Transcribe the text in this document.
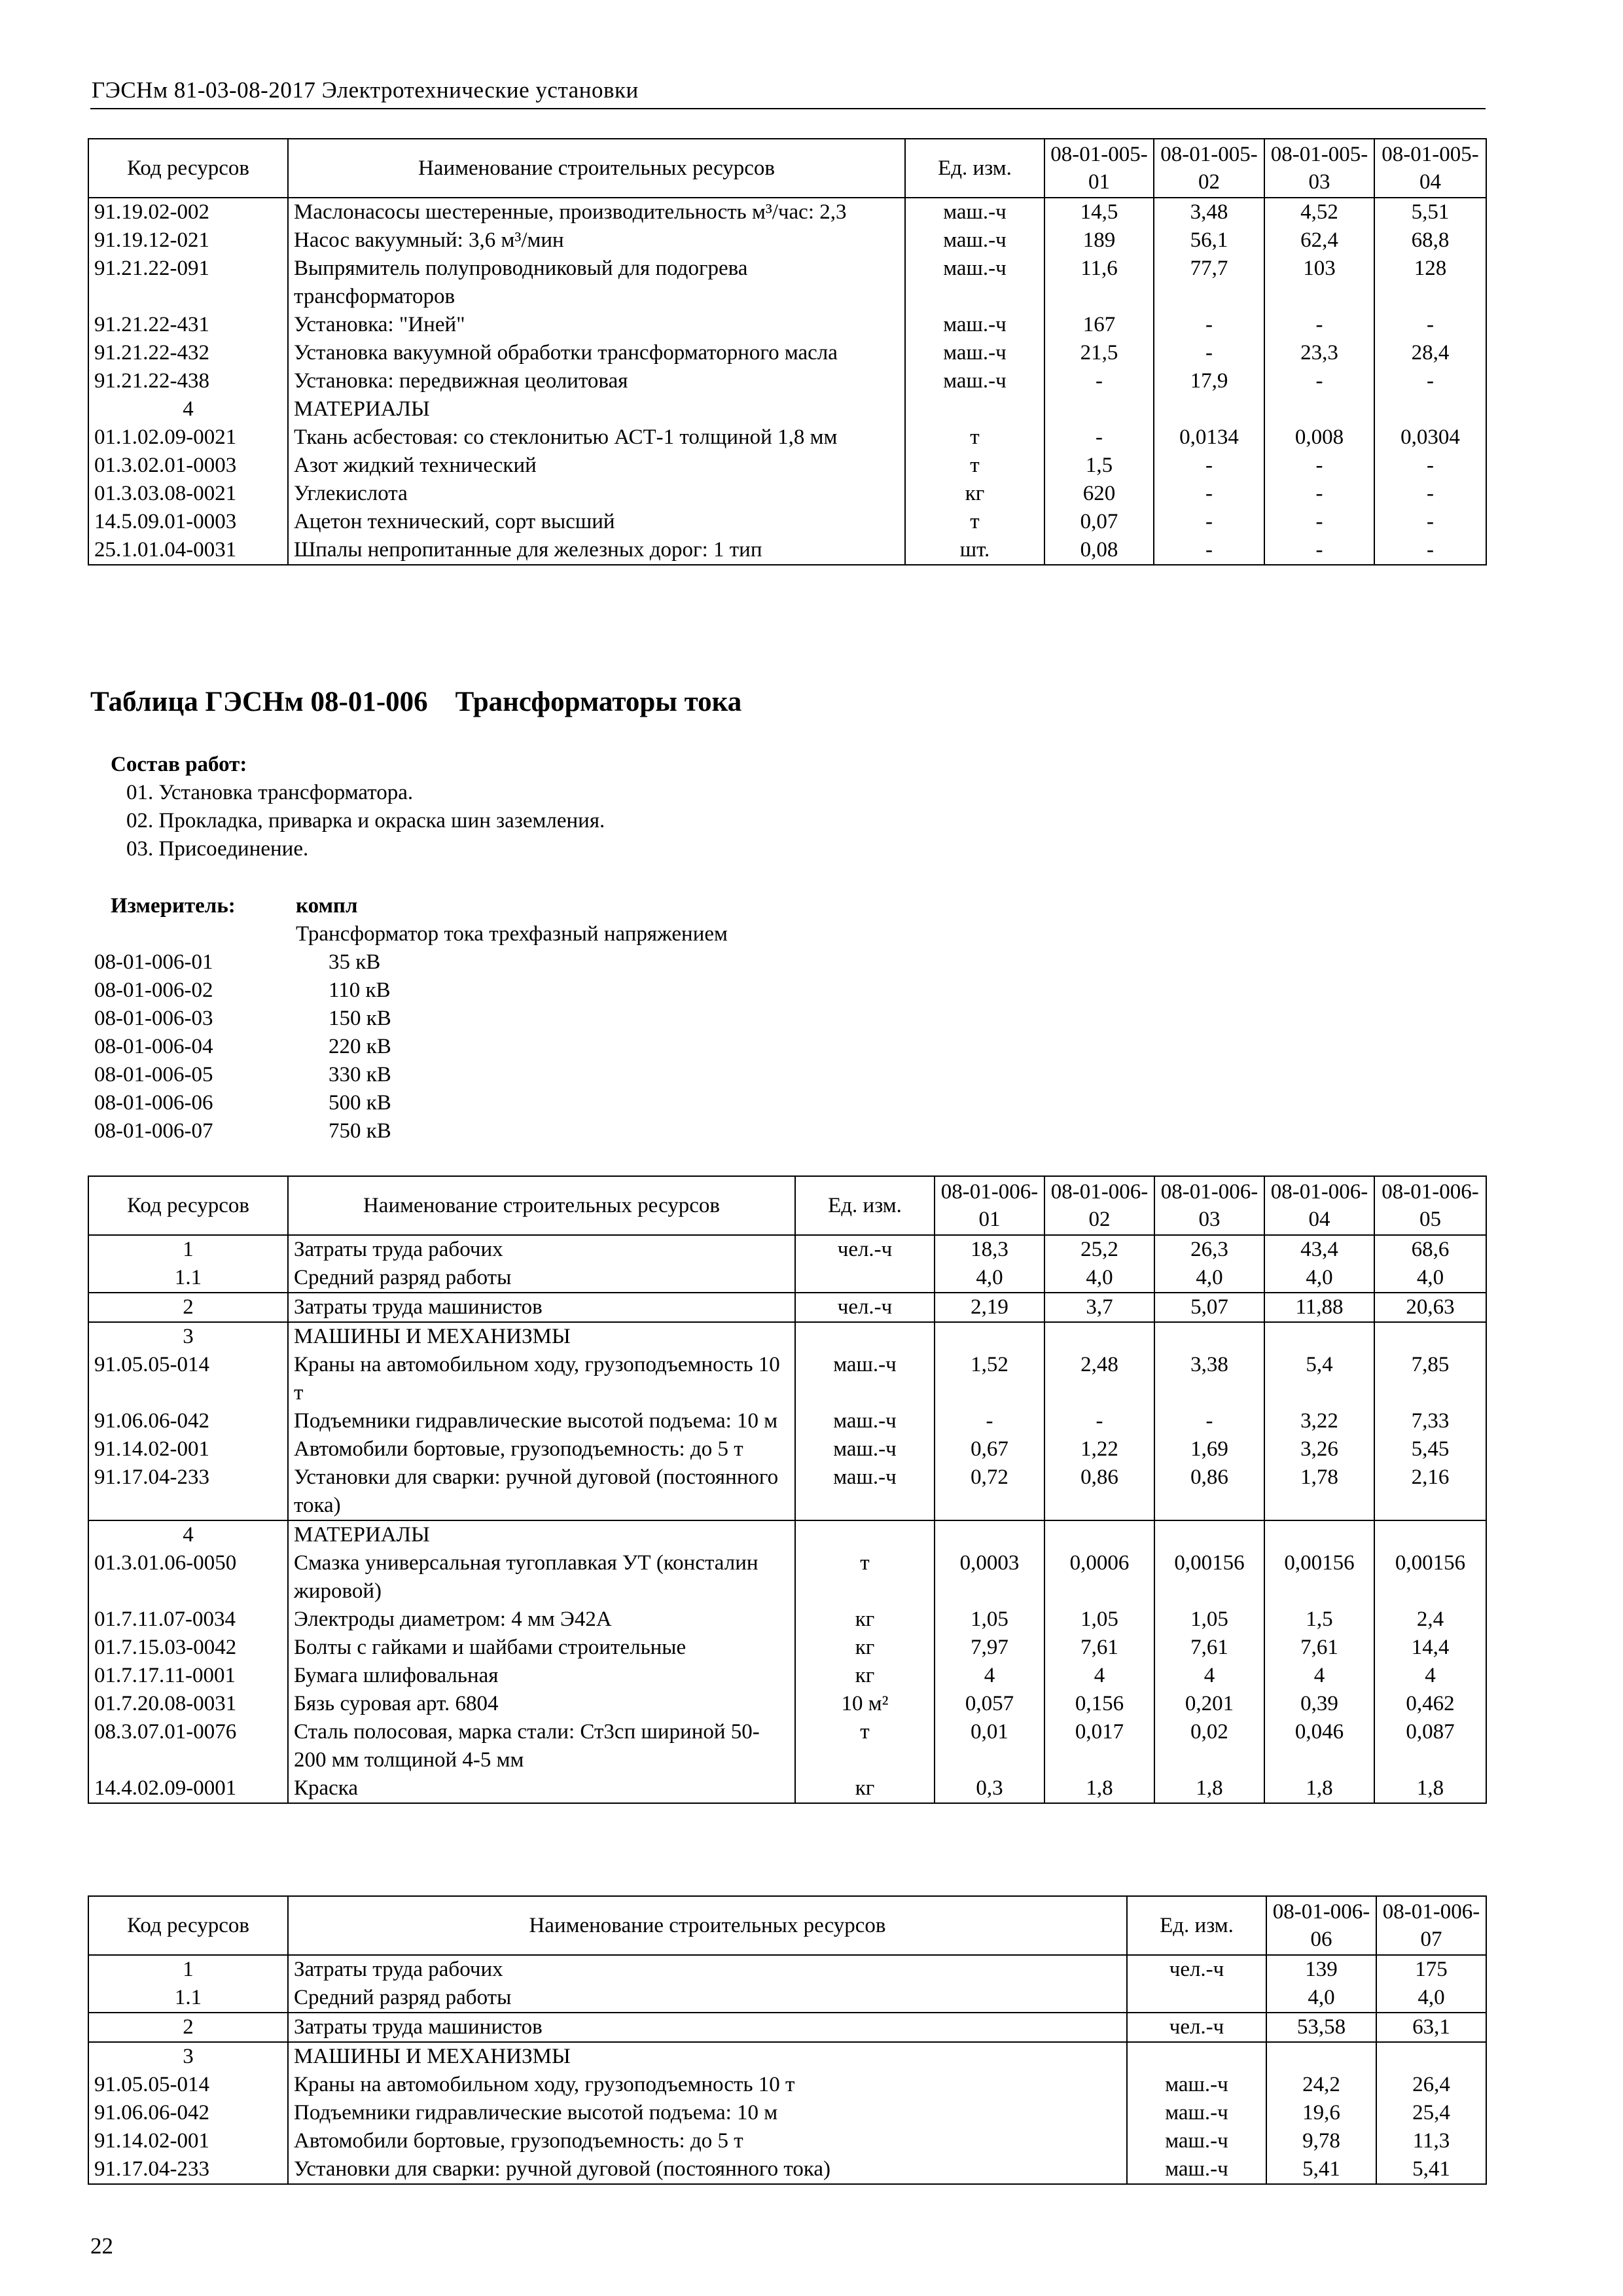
ГЭСНм 81-03-08-2017 Электротехнические установки
Код ресурсов	Наименование строительных ресурсов	Ед. изм.	08-01-005-01	08-01-005-02	08-01-005-03	08-01-005-04
91.19.02-002	Маслонасосы шестеренные, производительность м³/час: 2,3	маш.-ч	14,5	3,48	4,52	5,51
91.19.12-021	Насос вакуумный: 3,6 м³/мин	маш.-ч	189	56,1	62,4	68,8
91.21.22-091	Выпрямитель полупроводниковый для подогрева трансформаторов	маш.-ч	11,6	77,7	103	128
91.21.22-431	Установка: "Иней"	маш.-ч	167	-	-	-
91.21.22-432	Установка вакуумной обработки трансформаторного масла	маш.-ч	21,5	-	23,3	28,4
91.21.22-438	Установка: передвижная цеолитовая	маш.-ч	-	17,9	-	-
4	МАТЕРИАЛЫ					
01.1.02.09-0021	Ткань асбестовая: со стеклонитью АСТ-1 толщиной 1,8 мм	т	-	0,0134	0,008	0,0304
01.3.02.01-0003	Азот жидкий технический	т	1,5	-	-	-
01.3.03.08-0021	Углекислота	кг	620	-	-	-
14.5.09.01-0003	Ацетон технический, сорт высший	т	0,07	-	-	-
25.1.01.04-0031	Шпалы непропитанные для железных дорог: 1 тип	шт.	0,08	-	-	-
Таблица ГЭСНм 08-01-006 Трансформаторы тока
Состав работ:
01. Установка трансформатора.
02. Прокладка, приварка и окраска шин заземления.
03. Присоединение.
Измеритель:	компл
Трансформатор тока трехфазный напряжением
08-01-006-01	35 кВ
08-01-006-02	110 кВ
08-01-006-03	150 кВ
08-01-006-04	220 кВ
08-01-006-05	330 кВ
08-01-006-06	500 кВ
08-01-006-07	750 кВ
Код ресурсов	Наименование строительных ресурсов	Ед. изм.	08-01-006-01	08-01-006-02	08-01-006-03	08-01-006-04	08-01-006-05
1	Затраты труда рабочих	чел.-ч	18,3	25,2	26,3	43,4	68,6
1.1	Средний разряд работы		4,0	4,0	4,0	4,0	4,0
2	Затраты труда машинистов	чел.-ч	2,19	3,7	5,07	11,88	20,63
3	МАШИНЫ И МЕХАНИЗМЫ						
91.05.05-014	Краны на автомобильном ходу, грузоподъемность 10 т	маш.-ч	1,52	2,48	3,38	5,4	7,85
91.06.06-042	Подъемники гидравлические высотой подъема: 10 м	маш.-ч	-	-	-	3,22	7,33
91.14.02-001	Автомобили бортовые, грузоподъемность: до 5 т	маш.-ч	0,67	1,22	1,69	3,26	5,45
91.17.04-233	Установки для сварки: ручной дуговой (постоянного тока)	маш.-ч	0,72	0,86	0,86	1,78	2,16
4	МАТЕРИАЛЫ						
01.3.01.06-0050	Смазка универсальная тугоплавкая УТ (консталин жировой)	т	0,0003	0,0006	0,00156	0,00156	0,00156
01.7.11.07-0034	Электроды диаметром: 4 мм Э42А	кг	1,05	1,05	1,05	1,5	2,4
01.7.15.03-0042	Болты с гайками и шайбами строительные	кг	7,97	7,61	7,61	7,61	14,4
01.7.17.11-0001	Бумага шлифовальная	кг	4	4	4	4	4
01.7.20.08-0031	Бязь суровая арт. 6804	10 м²	0,057	0,156	0,201	0,39	0,462
08.3.07.01-0076	Сталь полосовая, марка стали: Ст3сп шириной 50-200 мм толщиной 4-5 мм	т	0,01	0,017	0,02	0,046	0,087
14.4.02.09-0001	Краска	кг	0,3	1,8	1,8	1,8	1,8
Код ресурсов	Наименование строительных ресурсов	Ед. изм.	08-01-006-06	08-01-006-07
1	Затраты труда рабочих	чел.-ч	139	175
1.1	Средний разряд работы		4,0	4,0
2	Затраты труда машинистов	чел.-ч	53,58	63,1
3	МАШИНЫ И МЕХАНИЗМЫ			
91.05.05-014	Краны на автомобильном ходу, грузоподъемность 10 т	маш.-ч	24,2	26,4
91.06.06-042	Подъемники гидравлические высотой подъема: 10 м	маш.-ч	19,6	25,4
91.14.02-001	Автомобили бортовые, грузоподъемность: до 5 т	маш.-ч	9,78	11,3
91.17.04-233	Установки для сварки: ручной дуговой (постоянного тока)	маш.-ч	5,41	5,41
22
